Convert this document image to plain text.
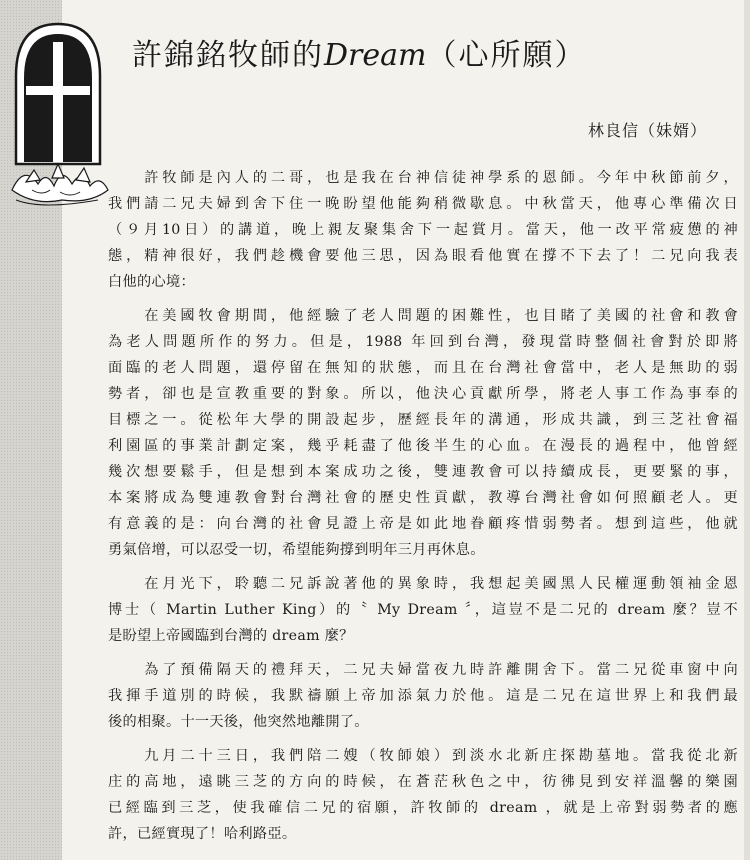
許錦銘牧師的Dream（心所願）
林良信（妹婿）
　　許牧師是內人的二哥，也是我在台神信徒神學系的恩師。今年中秋節前夕，
我們請二兄夫婦到舍下住一晚盼望他能夠稍微歇息。中秋當天，他專心準備次日
（９月10日）的講道，晚上親友聚集舍下一起賞月。當天，他一改平常疲憊的神
態，精神很好，我們趁機會要他三思，因為眼看他實在撐不下去了！二兄向我表
白他的心境：
　　在美國牧會期間，他經驗了老人問題的困難性，也目睹了美國的社會和教會
為老人問題所作的努力。但是，1988 年回到台灣，發現當時整個社會對於即將
面臨的老人問題，還停留在無知的狀態，而且在台灣社會當中，老人是無助的弱
勢者，卻也是宣教重要的對象。所以，他決心貢獻所學，將老人事工作為事奉的
目標之一。從松年大學的開設起步，歷經長年的溝通，形成共識，到三芝社會福
利園區的事業計劃定案，幾乎耗盡了他後半生的心血。在漫長的過程中，他曾經
幾次想要鬆手，但是想到本案成功之後，雙連教會可以持續成長，更要緊的事，
本案將成為雙連教會對台灣社會的歷史性貢獻，教導台灣社會如何照顧老人。更
有意義的是：向台灣的社會見證上帝是如此地眷顧疼惜弱勢者。想到這些，他就
勇氣倍增，可以忍受一切，希望能夠撐到明年三月再休息。
　　在月光下，聆聽二兄訴說著他的異象時，我想起美國黑人民權運動領袖金恩
博士（ Martin Luther King）的〝 My Dream 〞，這豈不是二兄的 dream 麼？豈不
是盼望上帝國臨到台灣的 dream 麼？
　　為了預備隔天的禮拜天，二兄夫婦當夜九時許離開舍下。當二兄從車窗中向
我揮手道別的時候，我默禱願上帝加添氣力於他。這是二兄在這世界上和我們最
後的相聚。十一天後，他突然地離開了。
　　九月二十三日，我們陪二嫂（牧師娘）到淡水北新庄探勘墓地。當我從北新
庄的高地，遠眺三芝的方向的時候，在蒼茫秋色之中，彷彿見到安祥溫馨的樂園
已經臨到三芝，使我確信二兄的宿願，許牧師的 dream ，就是上帝對弱勢者的應
許，已經實現了！哈利路亞。
